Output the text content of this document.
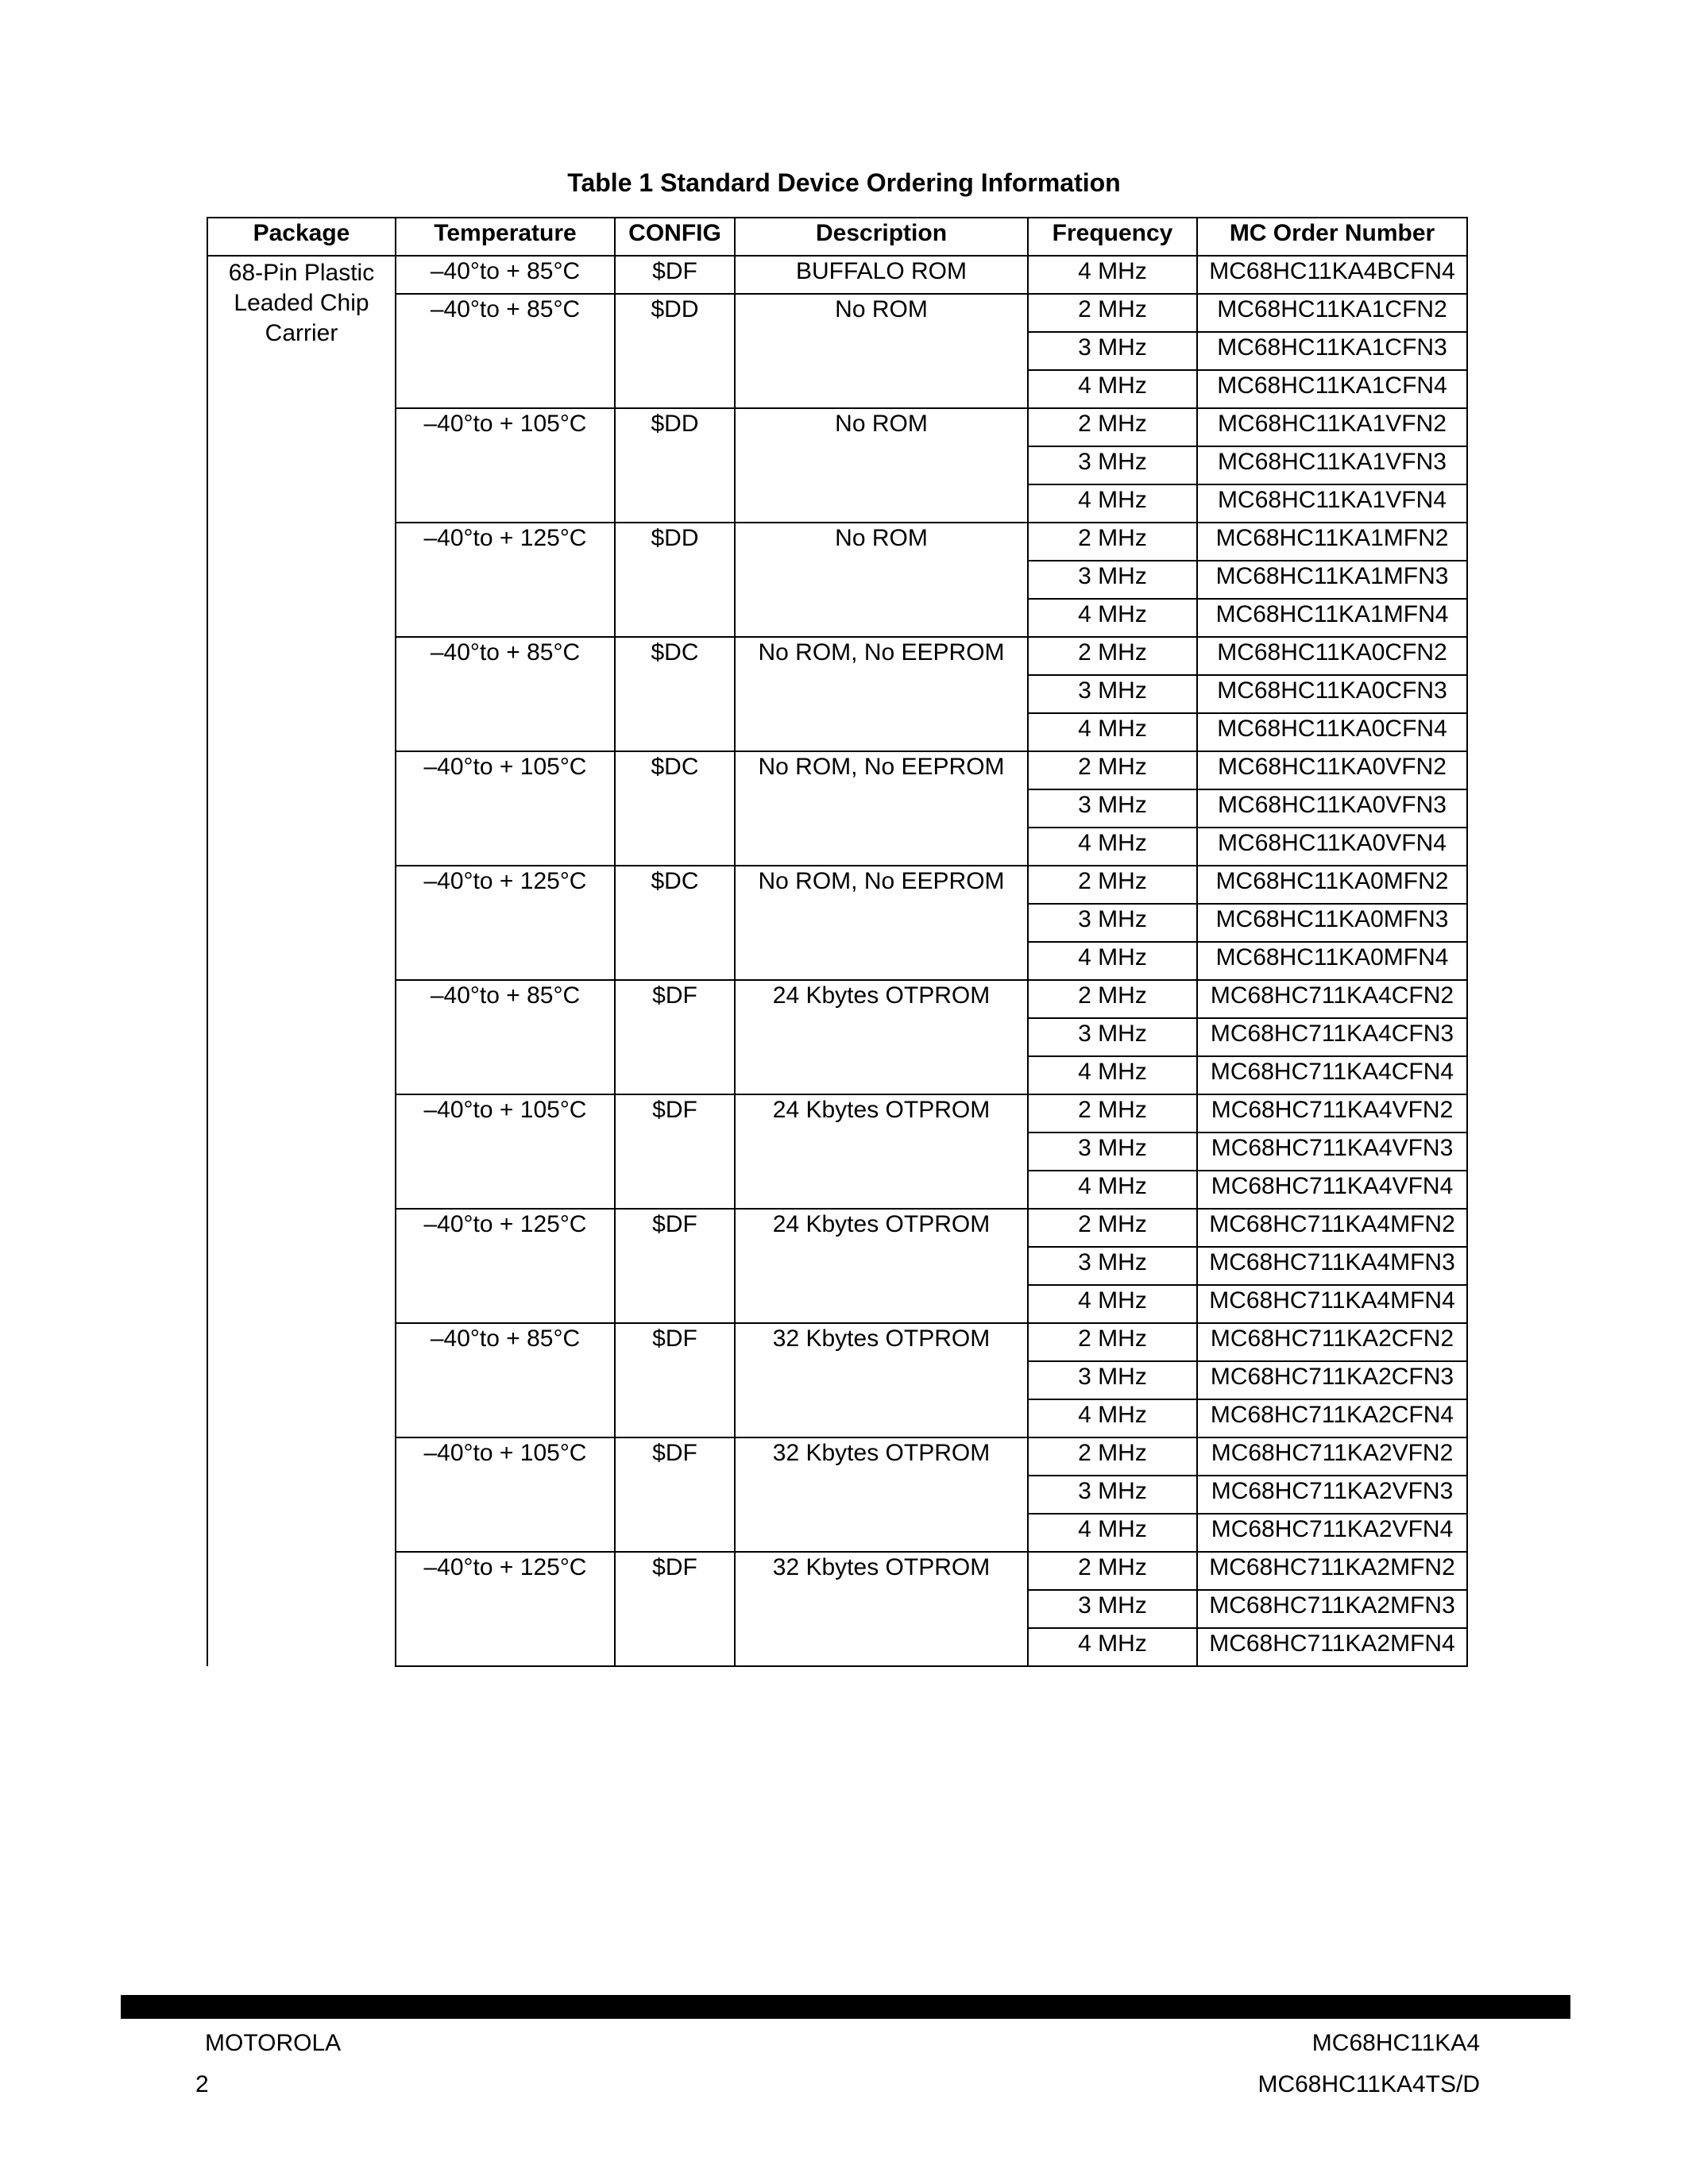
Table 1 Standard Device Ordering Information
Package	Temperature	CONFIG	Description	Frequency	MC Order Number
68-Pin Plastic Leaded Chip Carrier	–40°to + 85°C	$DF	BUFFALO ROM	4 MHz	MC68HC11KA4BCFN4
	–40°to + 85°C	$DD	No ROM	2 MHz	MC68HC11KA1CFN2
				3 MHz	MC68HC11KA1CFN3
				4 MHz	MC68HC11KA1CFN4
	–40°to + 105°C	$DD	No ROM	2 MHz	MC68HC11KA1VFN2
				3 MHz	MC68HC11KA1VFN3
				4 MHz	MC68HC11KA1VFN4
	–40°to + 125°C	$DD	No ROM	2 MHz	MC68HC11KA1MFN2
				3 MHz	MC68HC11KA1MFN3
				4 MHz	MC68HC11KA1MFN4
	–40°to + 85°C	$DC	No ROM, No EEPROM	2 MHz	MC68HC11KA0CFN2
				3 MHz	MC68HC11KA0CFN3
				4 MHz	MC68HC11KA0CFN4
	–40°to + 105°C	$DC	No ROM, No EEPROM	2 MHz	MC68HC11KA0VFN2
				3 MHz	MC68HC11KA0VFN3
				4 MHz	MC68HC11KA0VFN4
	–40°to + 125°C	$DC	No ROM, No EEPROM	2 MHz	MC68HC11KA0MFN2
				3 MHz	MC68HC11KA0MFN3
				4 MHz	MC68HC11KA0MFN4
	–40°to + 85°C	$DF	24 Kbytes OTPROM	2 MHz	MC68HC711KA4CFN2
				3 MHz	MC68HC711KA4CFN3
				4 MHz	MC68HC711KA4CFN4
	–40°to + 105°C	$DF	24 Kbytes OTPROM	2 MHz	MC68HC711KA4VFN2
				3 MHz	MC68HC711KA4VFN3
				4 MHz	MC68HC711KA4VFN4
	–40°to + 125°C	$DF	24 Kbytes OTPROM	2 MHz	MC68HC711KA4MFN2
				3 MHz	MC68HC711KA4MFN3
				4 MHz	MC68HC711KA4MFN4
	–40°to + 85°C	$DF	32 Kbytes OTPROM	2 MHz	MC68HC711KA2CFN2
				3 MHz	MC68HC711KA2CFN3
				4 MHz	MC68HC711KA2CFN4
	–40°to + 105°C	$DF	32 Kbytes OTPROM	2 MHz	MC68HC711KA2VFN2
				3 MHz	MC68HC711KA2VFN3
				4 MHz	MC68HC711KA2VFN4
	–40°to + 125°C	$DF	32 Kbytes OTPROM	2 MHz	MC68HC711KA2MFN2
				3 MHz	MC68HC711KA2MFN3
				4 MHz	MC68HC711KA2MFN4
MOTOROLA
2
MC68HC11KA4
MC68HC11KA4TS/D
